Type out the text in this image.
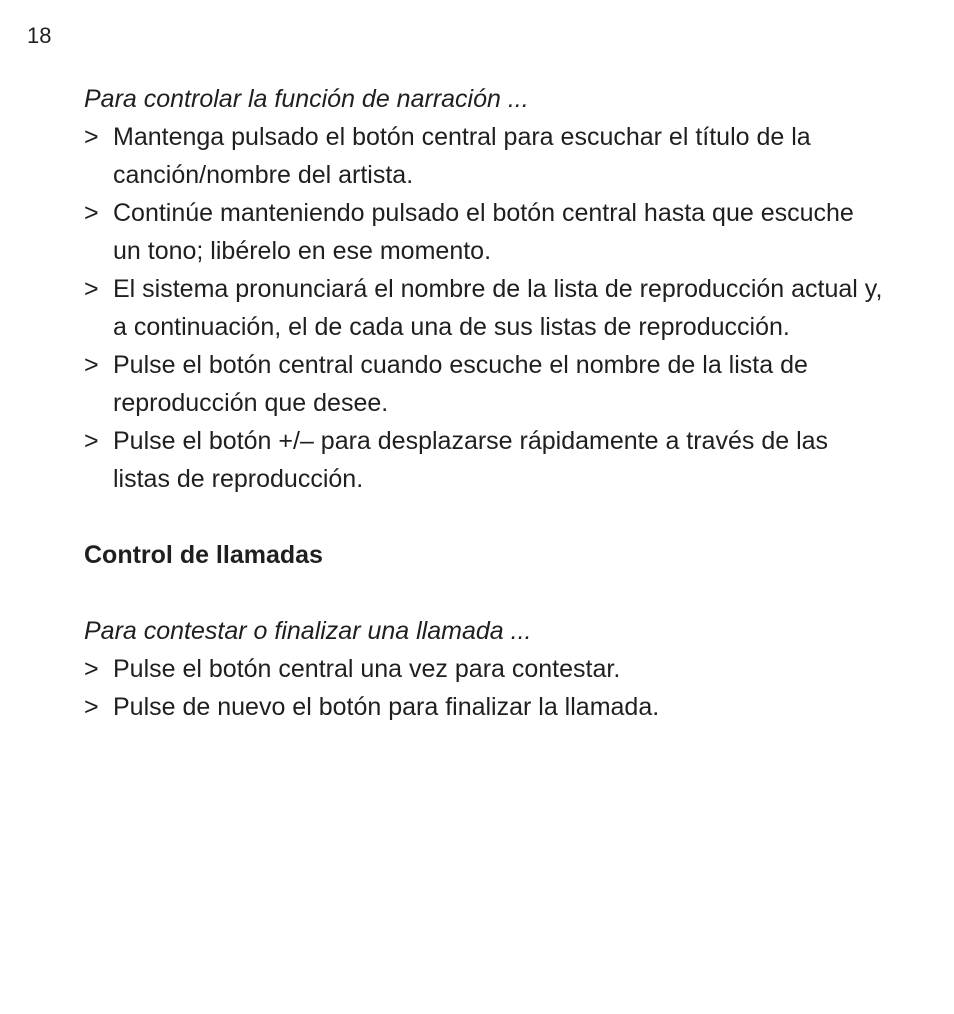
18

Para controlar la función de narración ...

> Mantenga pulsado el botón central para escuchar el título de la canción/nombre del artista.
> Continúe manteniendo pulsado el botón central hasta que escuche un tono; libérelo en ese momento.
> El sistema pronunciará el nombre de la lista de reproducción actual y, a continuación, el de cada una de sus listas de reproducción.
> Pulse el botón central cuando escuche el nombre de la lista de reproducción que desee.
> Pulse el botón +/– para desplazarse rápidamente a través de las listas de reproducción.
Control de llamadas

Para contestar o finalizar una llamada ...

> Pulse el botón central una vez para contestar.
> Pulse de nuevo el botón para finalizar la llamada.
